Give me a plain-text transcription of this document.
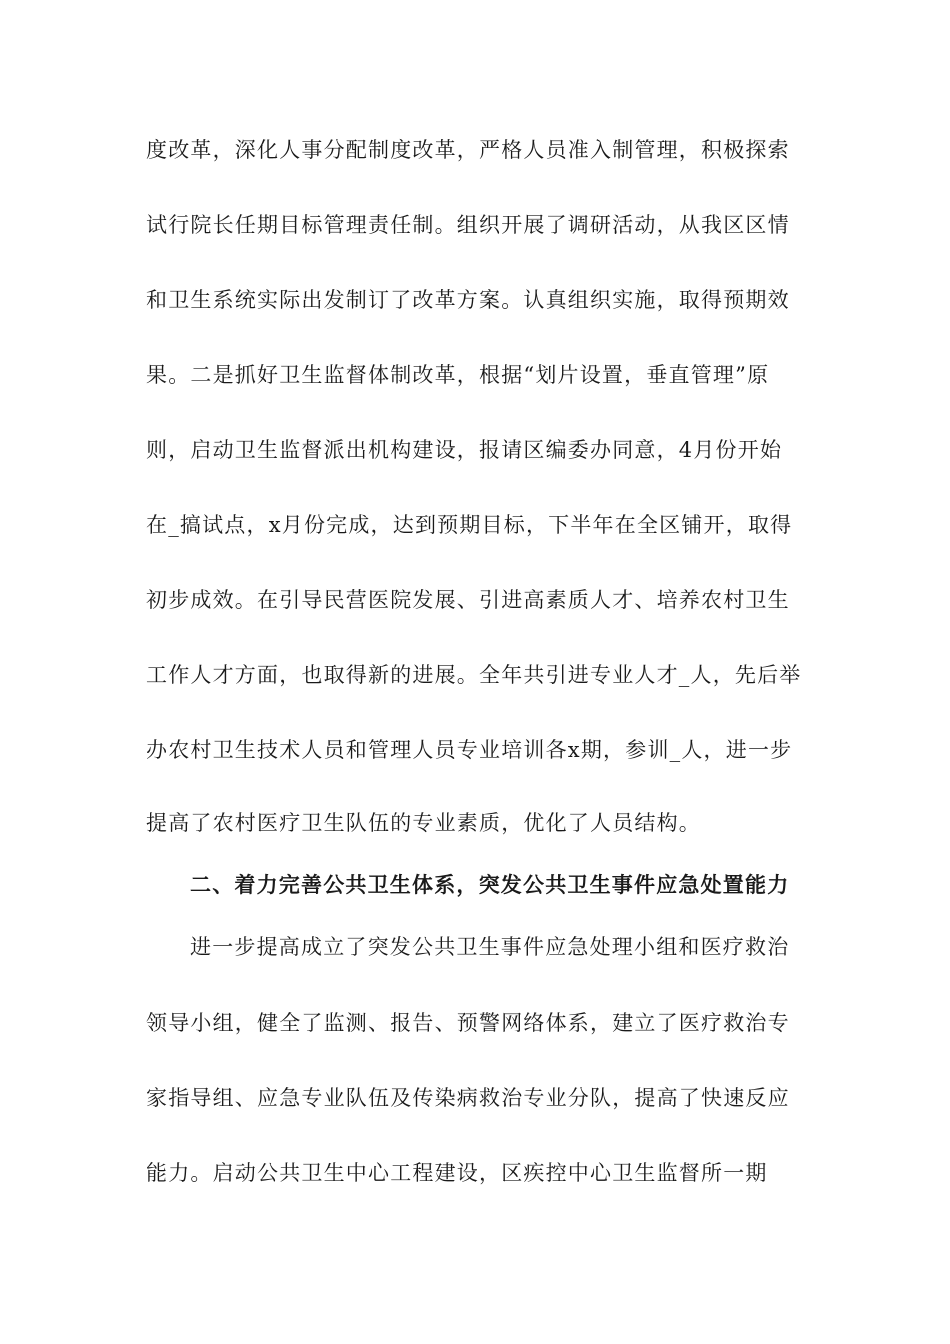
度改革，深化人事分配制度改革，严格人员准入制管理，积极探索
试行院长任期目标管理责任制。组织开展了调研活动，从我区区情
和卫生系统实际出发制订了改革方案。认真组织实施，取得预期效
果。二是抓好卫生监督体制改革，根据“划片设置，垂直管理”原
则，启动卫生监督派出机构建设，报请区编委办同意，4月份开始
在_搞试点，x月份完成，达到预期目标，下半年在全区铺开，取得
初步成效。在引导民营医院发展、引进高素质人才、培养农村卫生
工作人才方面，也取得新的进展。全年共引进专业人才_人，先后举
办农村卫生技术人员和管理人员专业培训各x期，参训_人，进一步
提高了农村医疗卫生队伍的专业素质，优化了人员结构。
二、着力完善公共卫生体系，突发公共卫生事件应急处置能力
进一步提高成立了突发公共卫生事件应急处理小组和医疗救治
领导小组，健全了监测、报告、预警网络体系，建立了医疗救治专
家指导组、应急专业队伍及传染病救治专业分队，提高了快速反应
能力。启动公共卫生中心工程建设，区疾控中心卫生监督所一期
